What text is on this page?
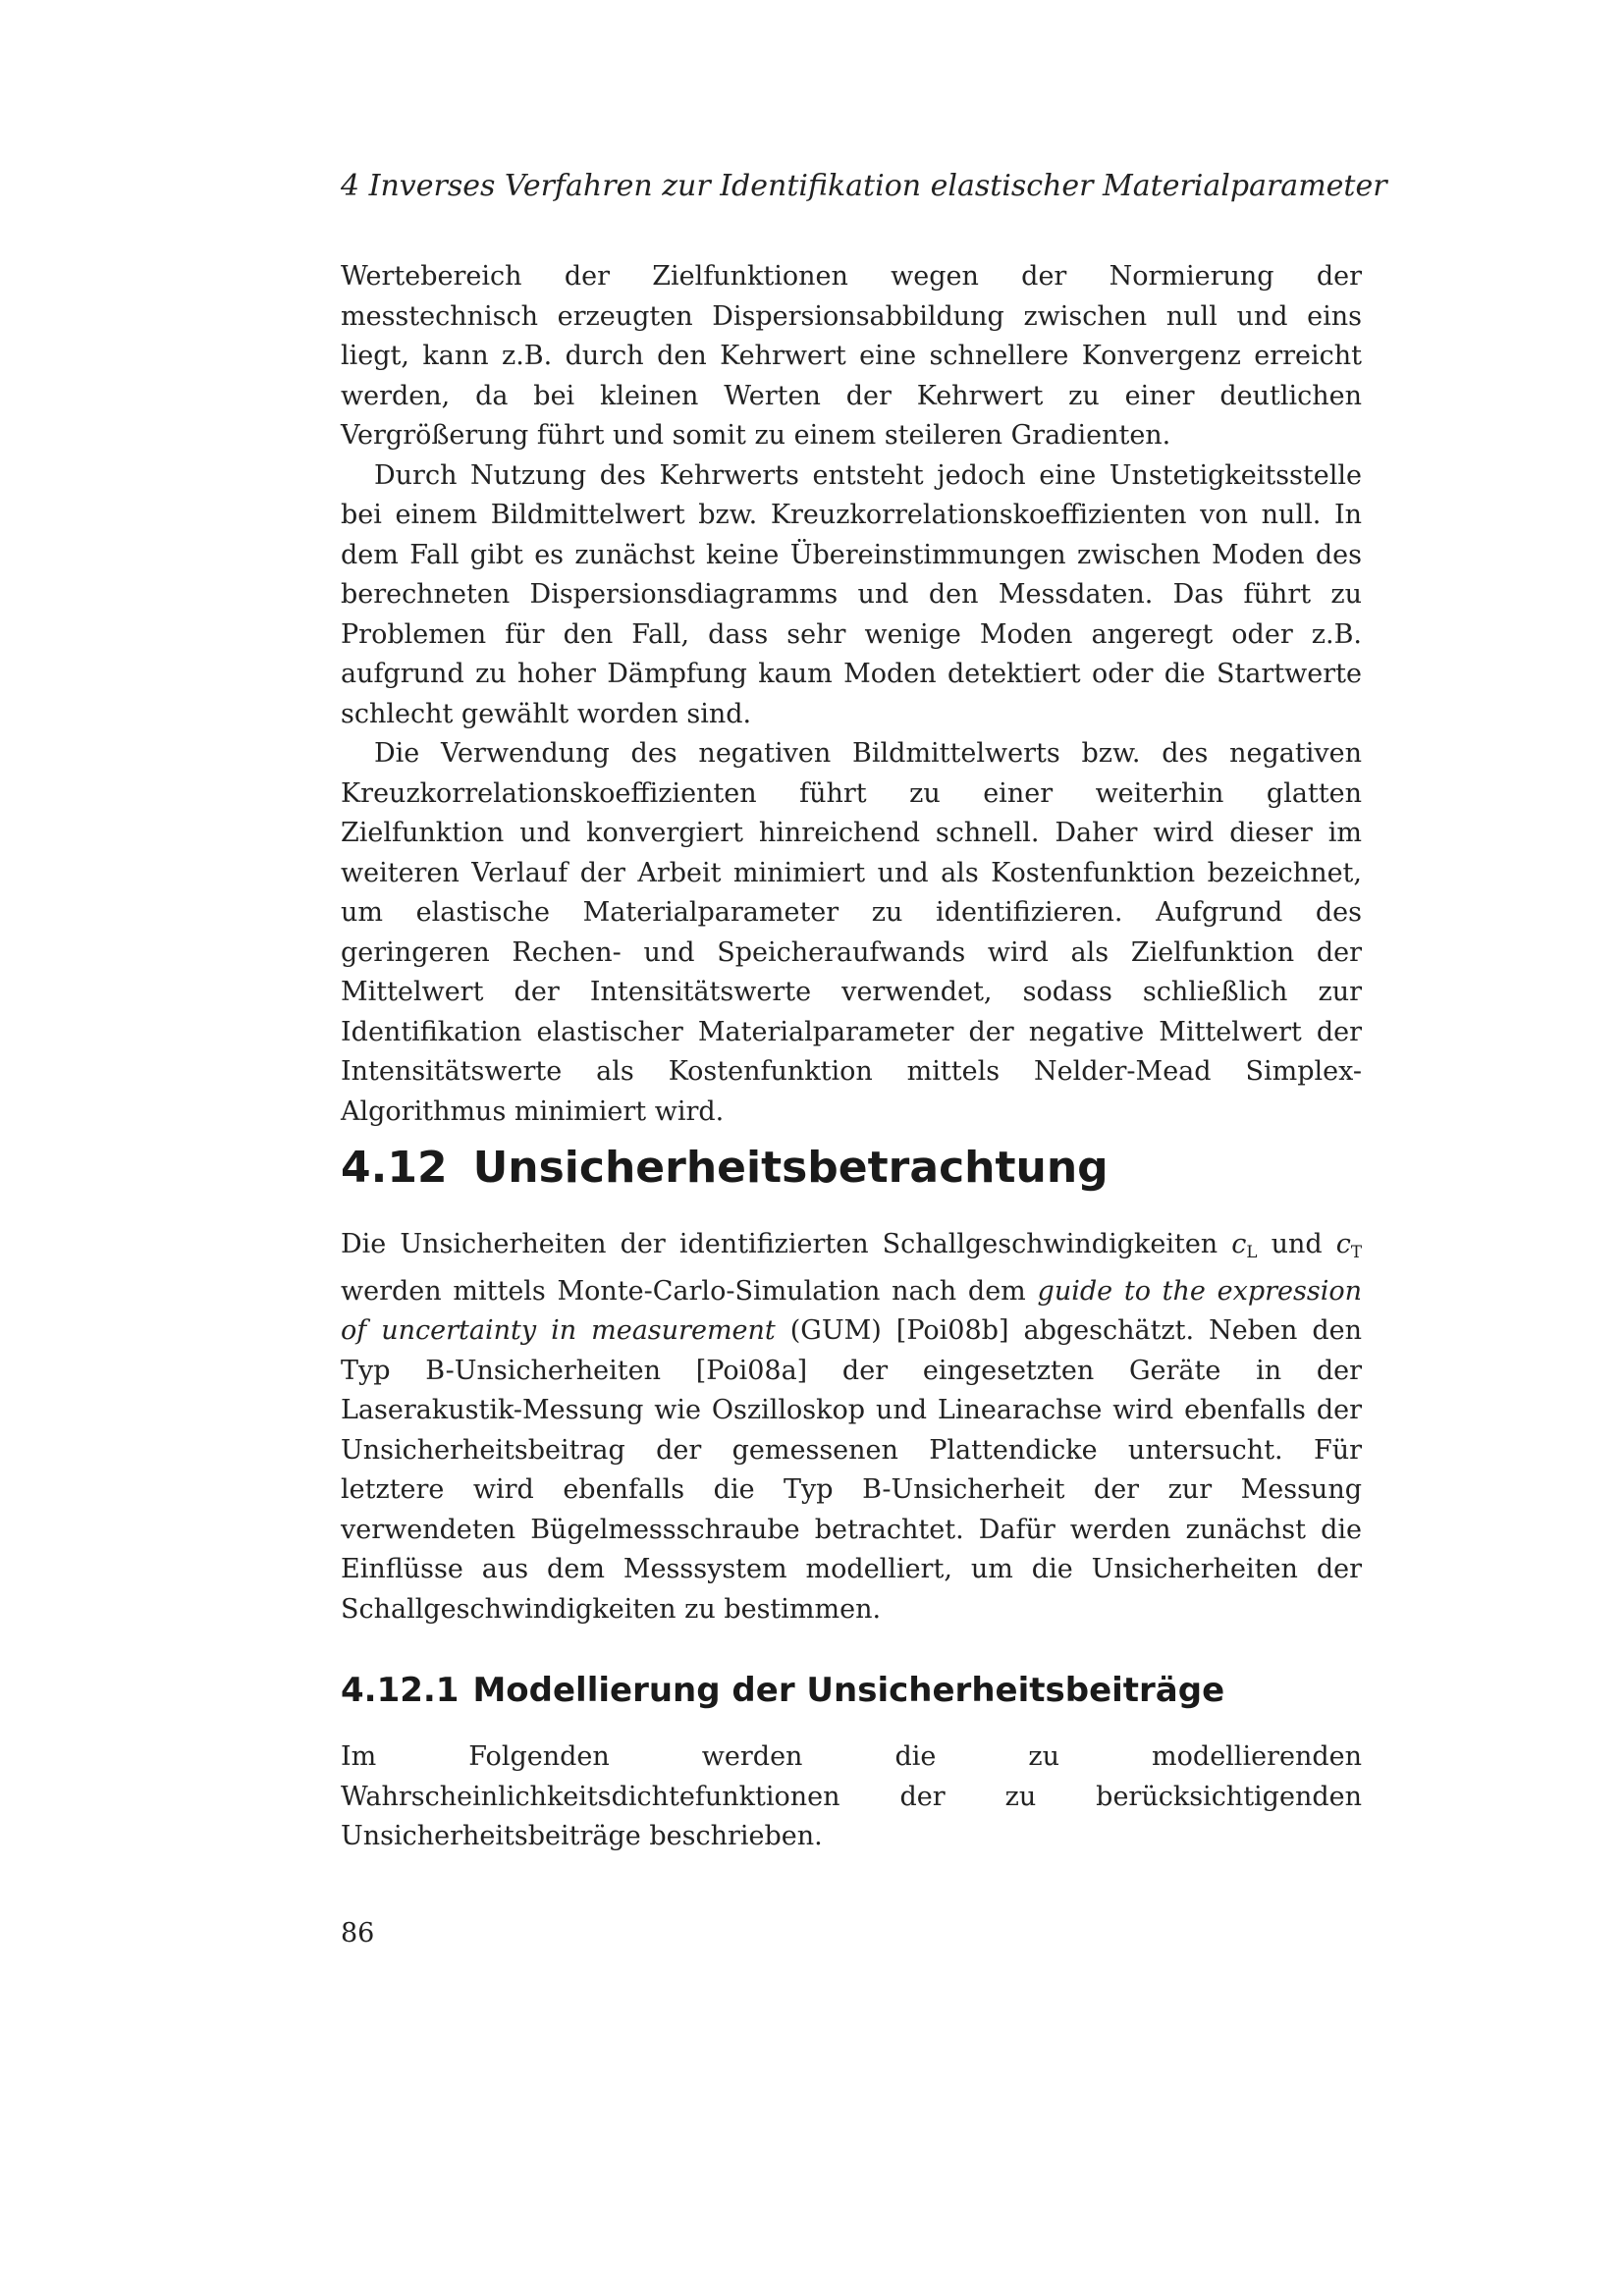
4 Inverses Verfahren zur Identifikation elastischer Materialparameter

Wertebereich der Zielfunktionen wegen der Normierung der messtechnisch erzeugten Dispersionsabbildung zwischen null und eins liegt, kann z.B. durch den Kehrwert eine schnellere Konvergenz erreicht werden, da bei kleinen Werten der Kehrwert zu einer deutlichen Vergrößerung führt und somit zu einem steileren Gradienten.

Durch Nutzung des Kehrwerts entsteht jedoch eine Unstetigkeitsstelle bei einem Bildmittelwert bzw. Kreuzkorrelationskoeffizienten von null. In dem Fall gibt es zunächst keine Übereinstimmungen zwischen Moden des berechneten Dispersionsdiagramms und den Messdaten. Das führt zu Problemen für den Fall, dass sehr wenige Moden angeregt oder z.B. aufgrund zu hoher Dämpfung kaum Moden detektiert oder die Startwerte schlecht gewählt worden sind.

Die Verwendung des negativen Bildmittelwerts bzw. des negativen Kreuzkorrelationskoeffizienten führt zu einer weiterhin glatten Zielfunktion und konvergiert hinreichend schnell. Daher wird dieser im weiteren Verlauf der Arbeit minimiert und als Kostenfunktion bezeichnet, um elastische Materialparameter zu identifizieren. Aufgrund des geringeren Rechen- und Speicheraufwands wird als Zielfunktion der Mittelwert der Intensitätswerte verwendet, sodass schließlich zur Identifikation elastischer Materialparameter der negative Mittelwert der Intensitätswerte als Kostenfunktion mittels Nelder-Mead Simplex-Algorithmus minimiert wird.

4.12 Unsicherheitsbetrachtung

Die Unsicherheiten der identifizierten Schallgeschwindigkeiten $c_L$ und $c_T$ werden mittels Monte-Carlo-Simulation nach dem guide to the expression of uncertainty in measurement (GUM) [Poi08b] abgeschätzt. Neben den Typ B-Unsicherheiten [Poi08a] der eingesetzten Geräte in der Laserakustik-Messung wie Oszilloskop und Linearachse wird ebenfalls der Unsicherheitsbeitrag der gemessenen Plattendicke untersucht. Für letztere wird ebenfalls die Typ B-Unsicherheit der zur Messung verwendeten Bügelmessschraube betrachtet. Dafür werden zunächst die Einflüsse aus dem Messsystem modelliert, um die Unsicherheiten der Schallgeschwindigkeiten zu bestimmen.

4.12.1 Modellierung der Unsicherheitsbeiträge

Im Folgenden werden die zu modellierenden Wahrscheinlichkeitsdichtefunktionen der zu berücksichtigenden Unsicherheitsbeiträge beschrieben.

86
